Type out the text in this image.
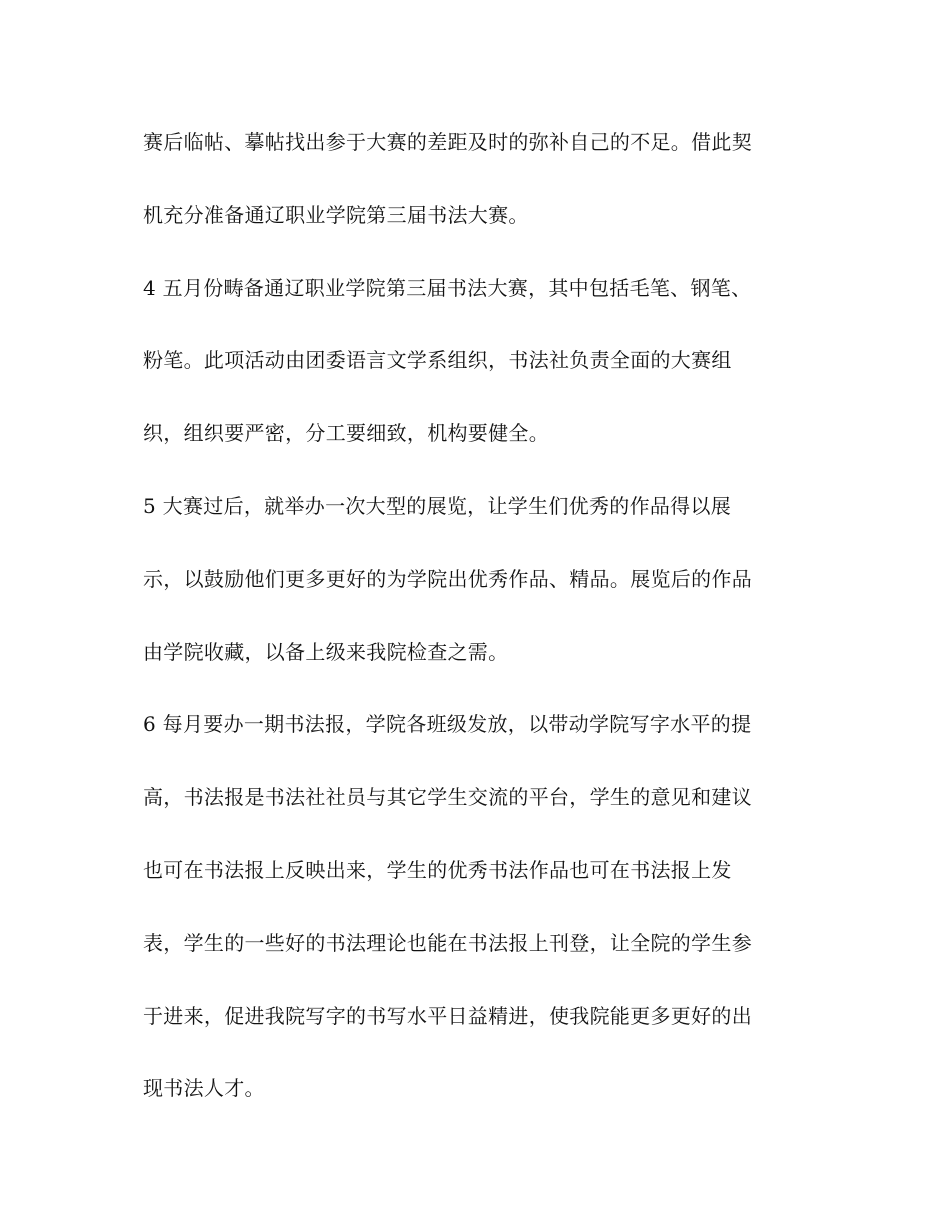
赛后临帖、摹帖找出参于大赛的差距及时的弥补自己的不足。借此契
机充分准备通辽职业学院第三届书法大赛。
4 五月份畴备通辽职业学院第三届书法大赛，其中包括毛笔、钢笔、
粉笔。此项活动由团委语言文学系组织，书法社负责全面的大赛组
织，组织要严密，分工要细致，机构要健全。
5 大赛过后，就举办一次大型的展览，让学生们优秀的作品得以展
示，以鼓励他们更多更好的为学院出优秀作品、精品。展览后的作品
由学院收藏，以备上级来我院检查之需。
6 每月要办一期书法报，学院各班级发放，以带动学院写字水平的提
高，书法报是书法社社员与其它学生交流的平台，学生的意见和建议
也可在书法报上反映出来，学生的优秀书法作品也可在书法报上发
表，学生的一些好的书法理论也能在书法报上刊登，让全院的学生参
于进来，促进我院写字的书写水平日益精进，使我院能更多更好的出
现书法人才。
